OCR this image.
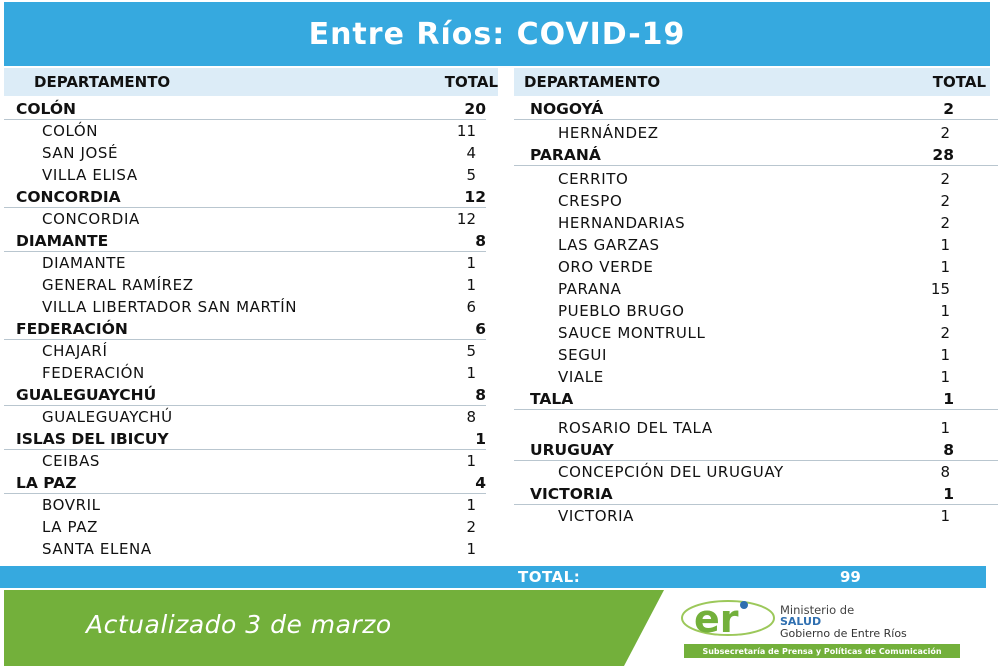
Entre Ríos: COVID-19
DEPARTAMENTO	TOTAL DEPARTAMENTO	TOTAL
COLÓN	20
COLÓN	11
SAN JOSÉ	4
VILLA ELISA	5
CONCORDIA	12
CONCORDIA	12
DIAMANTE	8
DIAMANTE	1
GENERAL RAMÍREZ	1
VILLA LIBERTADOR SAN MARTÍN	6
FEDERACIÓN	6
CHAJARÍ	5
FEDERACIÓN	1
GUALEGUAYCHÚ	8
GUALEGUAYCHÚ	8
ISLAS DEL IBICUY	1
CEIBAS	1
LA PAZ	4
BOVRIL	1
LA PAZ	2
SANTA ELENA	1
NOGOYÁ	2
HERNÁNDEZ	2
PARANÁ	28
CERRITO	2
CRESPO	2
HERNANDARIAS	2
LAS GARZAS	1
ORO VERDE	1
PARANA	15
PUEBLO BRUGO	1
SAUCE MONTRULL	2
SEGUI	1
VIALE	1
TALA	1
ROSARIO DEL TALA	1
URUGUAY	8
CONCEPCIÓN DEL URUGUAY	8
VICTORIA	1
VICTORIA	1
TOTAL:	99
Actualizado 3 de marzo	er	Ministerio de
SALUD
Gobierno de Entre Ríos
Subsecretaría de Prensa y Políticas de Comunicación
